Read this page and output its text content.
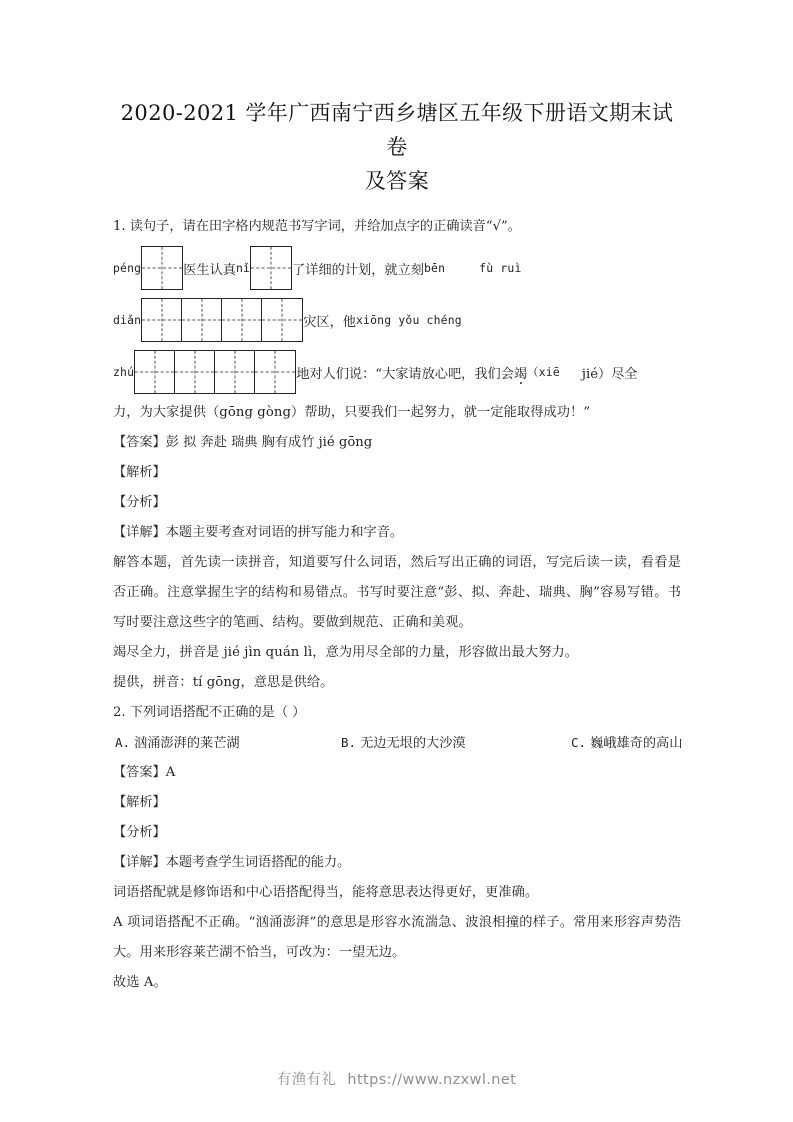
2020-2021 学年广西南宁西乡塘区五年级下册语文期末试卷
及答案

1. 读句子，请在田字格内规范书写字词，并给加点字的正确读音“√”。

péng	医生认真 nǐ	了详细的计划，就立刻 bēn	fù ruì
diǎn	灾区，他 xiōng yǒu chéng
zhú	地对人们说：“大家请放心吧，我们会 竭 （xiē jié）尽全

力，为大家提供（gōng gòng）帮助，只要我们一起努力，就一定能取得成功！”

【答案】彭 拟 奔赴 瑞典 胸有成竹 jié gōng

【解析】

【分析】

【详解】本题主要考查对词语的拼写能力和字音。

解答本题，首先读一读拼音，知道要写什么词语，然后写出正确的词语，写完后读一读，看看是否正确。注意掌握生字的结构和易错点。书写时要注意“彭、拟、奔赴、瑞典、胸”容易写错。书写时要注意这些字的笔画、结构。要做到规范、正确和美观。

竭尽全力，拼音是 jié jìn quán lì，意为用尽全部的力量，形容做出最大努力。

提供，拼音：tí gōng，意思是供给。

2. 下列词语搭配不正确的是（ ）

A. 汹涌澎湃的莱芒湖	B. 无边无垠的大沙漠	C. 巍峨雄奇的高山

【答案】A

【解析】

【分析】

【详解】本题考查学生词语搭配的能力。

词语搭配就是修饰语和中心语搭配得当，能将意思表达得更好，更准确。

A 项词语搭配不正确。“汹涌澎湃”的意思是形容水流湍急、波浪相撞的样子。常用来形容声势浩大。用来形容莱芒湖不恰当，可改为：一望无边。

故选 A。

有渔有礼 https://www.nzxwl.net
